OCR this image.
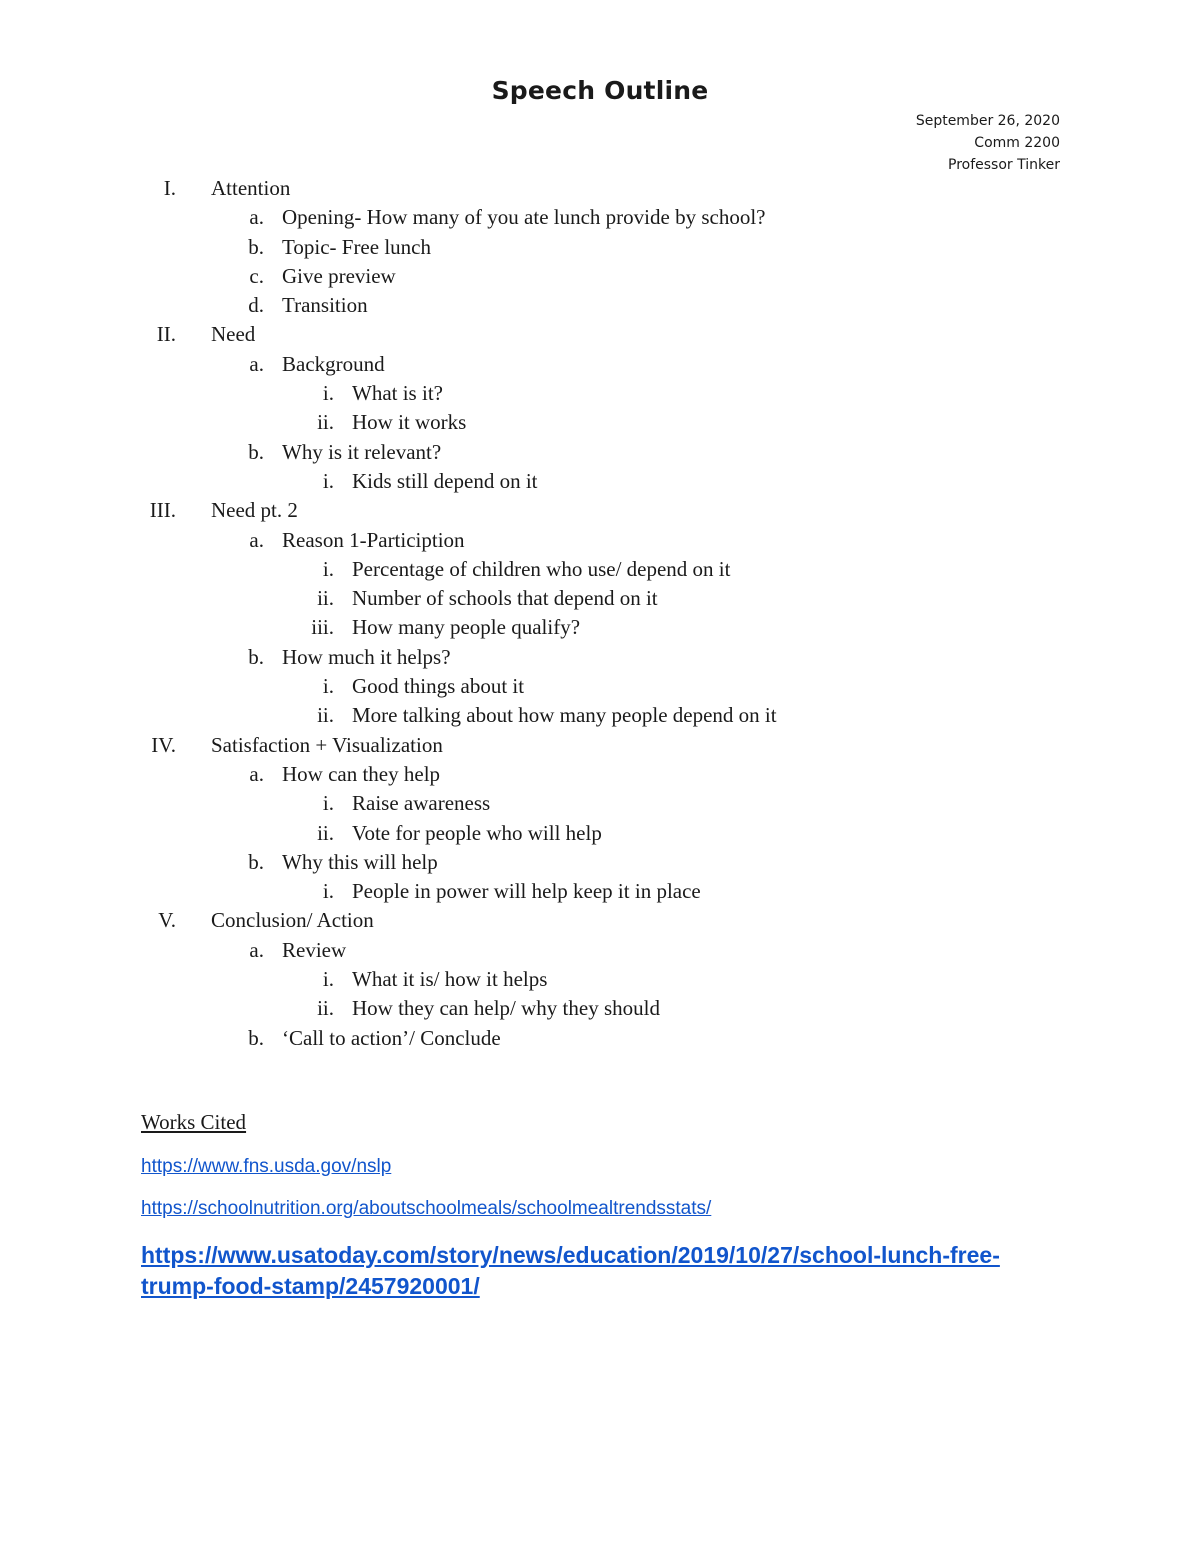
Speech Outline
September 26, 2020
Comm 2200
Professor Tinker
I. Attention
a. Opening- How many of you ate lunch provide by school?
b. Topic- Free lunch
c. Give preview
d. Transition
II. Need
a. Background
i. What is it?
ii. How it works
b. Why is it relevant?
i. Kids still depend on it
III. Need pt. 2
a. Reason 1-Particiption
i. Percentage of children who use/ depend on it
ii. Number of schools that depend on it
iii. How many people qualify?
b. How much it helps?
i. Good things about it
ii. More talking about how many people depend on it
IV. Satisfaction + Visualization
a. How can they help
i. Raise awareness
ii. Vote for people who will help
b. Why this will help
i. People in power will help keep it in place
V. Conclusion/ Action
a. Review
i. What it is/ how it helps
ii. How they can help/ why they should
b. ‘Call to action’/ Conclude
Works Cited
https://www.fns.usda.gov/nslp
https://schoolnutrition.org/aboutschoolmeals/schoolmealtrendsstats/
https://www.usatoday.com/story/news/education/2019/10/27/school-lunch-free-trump-food-stamp/2457920001/
